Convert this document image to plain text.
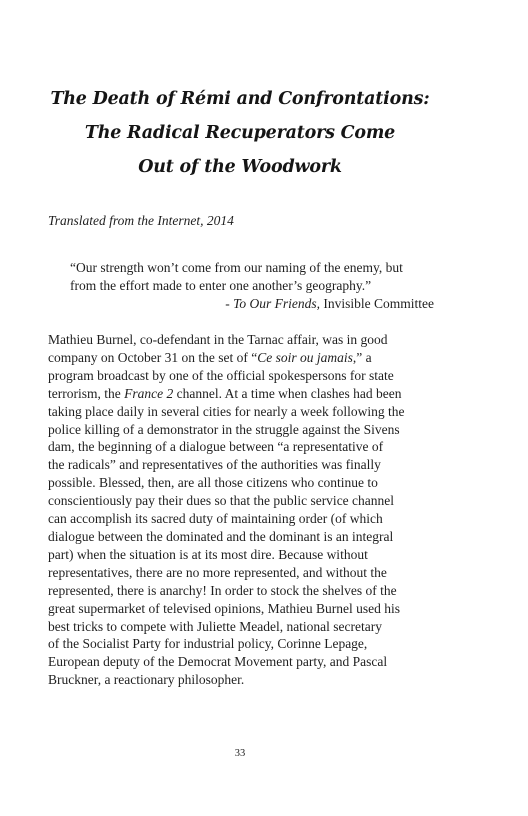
The Death of Rémi and Confrontations:
The Radical Recuperators Come
Out of the Woodwork
Translated from the Internet, 2014
“Our strength won’t come from our naming of the enemy, but
from the effort made to enter one another’s geography.”
- To Our Friends, Invisible Committee
Mathieu Burnel, co-defendant in the Tarnac affair, was in good
company on October 31 on the set of “Ce soir ou jamais,” a
program broadcast by one of the official spokespersons for state
terrorism, the France 2 channel. At a time when clashes had been
taking place daily in several cities for nearly a week following the
police killing of a demonstrator in the struggle against the Sivens
dam, the beginning of a dialogue between “a representative of
the radicals” and representatives of the authorities was finally
possible. Blessed, then, are all those citizens who continue to
conscientiously pay their dues so that the public service channel
can accomplish its sacred duty of maintaining order (of which
dialogue between the dominated and the dominant is an integral
part) when the situation is at its most dire. Because without
representatives, there are no more represented, and without the
represented, there is anarchy! In order to stock the shelves of the
great supermarket of televised opinions, Mathieu Burnel used his
best tricks to compete with Juliette Meadel, national secretary
of the Socialist Party for industrial policy, Corinne Lepage,
European deputy of the Democrat Movement party, and Pascal
Bruckner, a reactionary philosopher.
33
